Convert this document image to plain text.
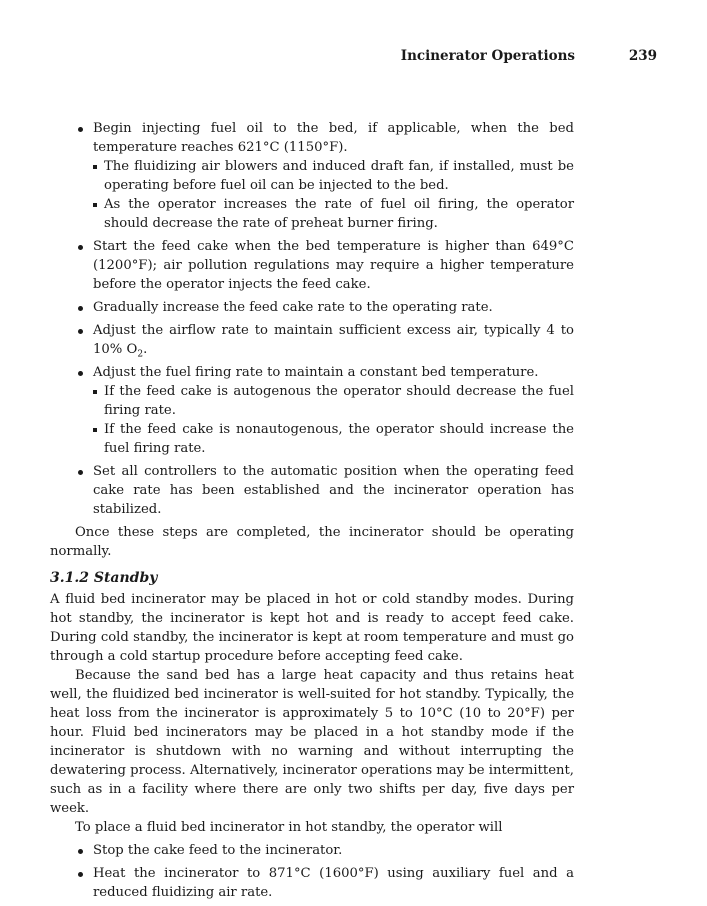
Incinerator Operations	239
Begin injecting fuel oil to the bed, if applicable, when the bed temperature reaches 621°C (1150°F).
The fluidizing air blowers and induced draft fan, if installed, must be operating before fuel oil can be injected to the bed.
As the operator increases the rate of fuel oil firing, the operator should decrease the rate of preheat burner firing.
Start the feed cake when the bed temperature is higher than 649°C (1200°F); air pollution regulations may require a higher temperature before the operator injects the feed cake.
Gradually increase the feed cake rate to the operating rate.
Adjust the airflow rate to maintain sufficient excess air, typically 4 to 10% $O_2$.
Adjust the fuel firing rate to maintain a constant bed temperature.
If the feed cake is autogenous the operator should decrease the fuel firing rate.
If the feed cake is nonautogenous, the operator should increase the fuel firing rate.
Set all controllers to the automatic position when the operating feed cake rate has been established and the incinerator operation has stabilized.

Once these steps are completed, the incinerator should be operating normally.

3.1.2 Standby

A fluid bed incinerator may be placed in hot or cold standby modes. During hot standby, the incinerator is kept hot and is ready to accept feed cake. During cold standby, the incinerator is kept at room temperature and must go through a cold startup procedure before accepting feed cake.

Because the sand bed has a large heat capacity and thus retains heat well, the fluidized bed incinerator is well-suited for hot standby. Typically, the heat loss from the incinerator is approximately 5 to 10°C (10 to 20°F) per hour. Fluid bed incinerators may be placed in a hot standby mode if the incinerator is shutdown with no warning and without interrupting the dewatering process. Alternatively, incinerator operations may be intermittent, such as in a facility where there are only two shifts per day, five days per week.

To place a fluid bed incinerator in hot standby, the operator will

Stop the cake feed to the incinerator.
Heat the incinerator to 871°C (1600°F) using auxiliary fuel and a reduced fluidizing air rate.
